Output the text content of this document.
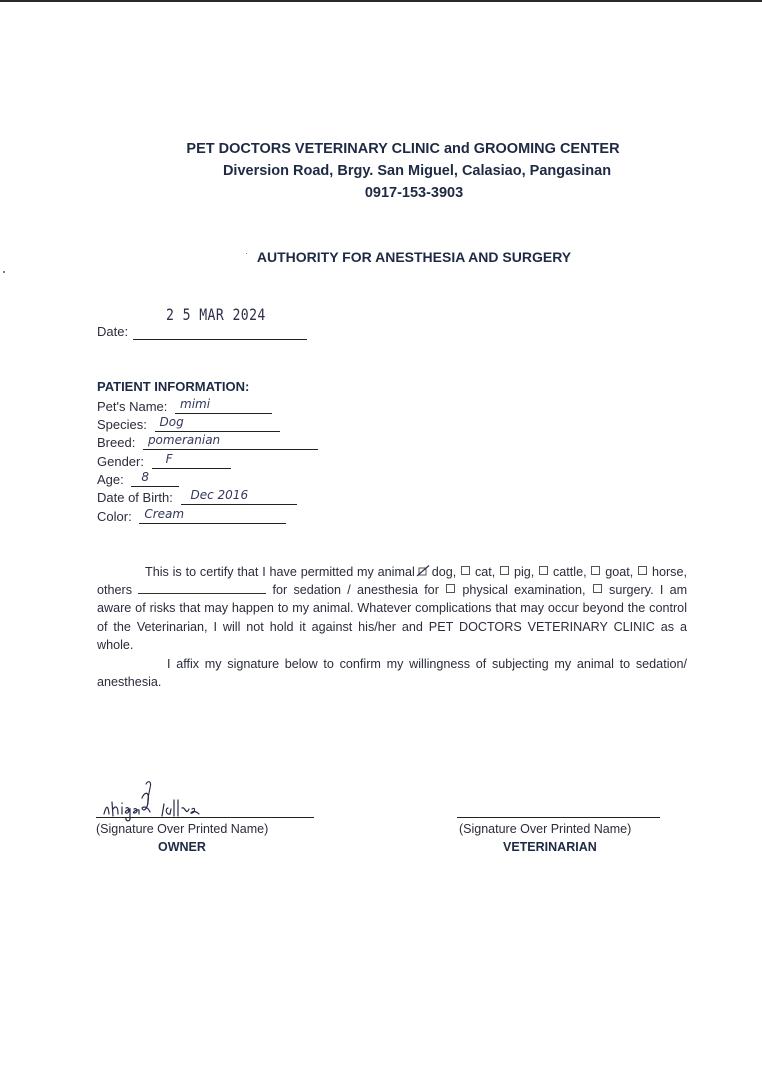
PET DOCTORS VETERINARY CLINIC and GROOMING CENTER
Diversion Road, Brgy. San Miguel, Calasiao, Pangasinan
0917-153-3903
AUTHORITY FOR ANESTHESIA AND SURGERY
2 5 MAR 2024
Date:
PATIENT INFORMATION:
Pet's Name: mimi
Species: Dog
Breed: pomeranian
Gender: F
Age: 8
Date of Birth: Dec 2016
Color: Cream
This is to certify that I have permitted my animal dog, cat, pig, cattle, goat, horse, others	for sedation / anesthesia for physical examination, surgery. I am aware of risks that may happen to my animal. Whatever complications that may occur beyond the control of the Veterinarian, I will not hold it against his/her and PET DOCTORS VETERINARY CLINIC as a whole.
I affix my signature below to confirm my willingness of subjecting my animal to sedation/ anesthesia.
(Signature Over Printed Name)
OWNER
(Signature Over Printed Name)
VETERINARIAN
